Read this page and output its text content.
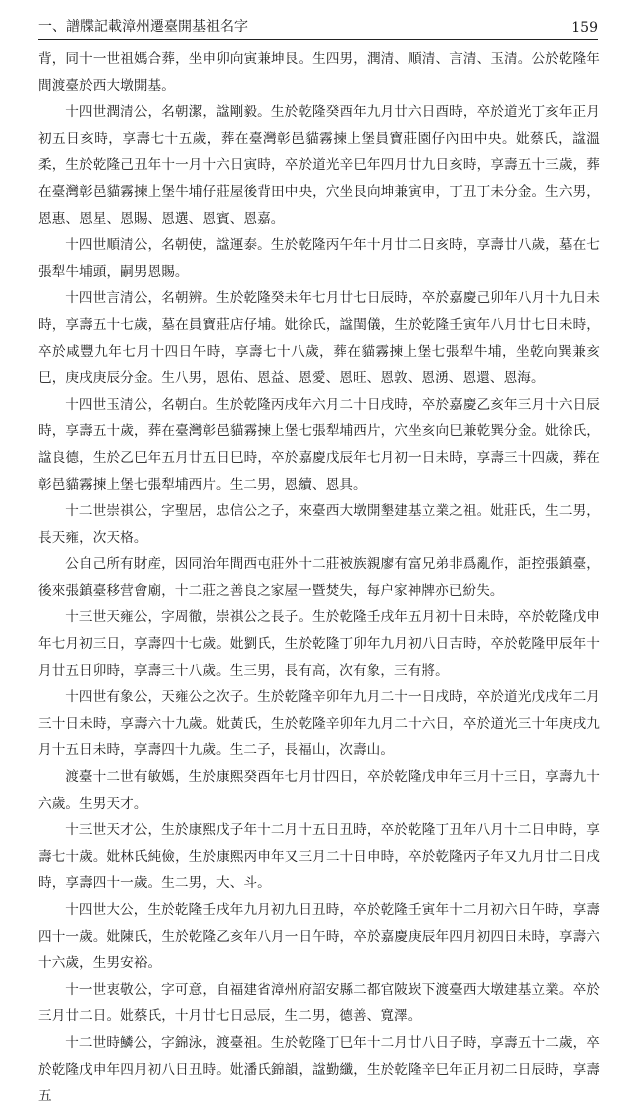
一、譜牒記載漳州遷臺開基祖名字	159

背，同十一世祖媽合葬，坐申卯向寅兼坤艮。生四男，潤清、順清、言清、玉清。公於乾隆年間渡臺於西大墩開基。

十四世潤清公，名朝潔，諡剛毅。生於乾隆癸酉年九月廿六日酉時，卒於道光丁亥年正月初五日亥時，享壽七十五歲，葬在臺灣彰邑貓霧揀上堡員寶莊園仔內田中央。妣蔡氏，諡溫柔，生於乾隆己丑年十一月十六日寅時，卒於道光辛巳年四月廿九日亥時，享壽五十三歲，葬在臺灣彰邑貓霧揀上堡牛埔仔莊屋後背田中央，穴坐艮向坤兼寅申，丁丑丁未分金。生六男，恩惠、恩星、恩賜、恩選、恩賓、恩嘉。

十四世順清公，名朝使，諡運泰。生於乾隆丙午年十月廿二日亥時，享壽廿八歲，墓在七張犁牛埔頭，嗣男恩賜。

十四世言清公，名朝辨。生於乾隆癸未年七月廿七日辰時，卒於嘉慶己卯年八月十九日未時，享壽五十七歲，墓在員寶莊店仔埔。妣徐氏，諡閨儀，生於乾隆壬寅年八月廿七日未時，卒於咸豐九年七月十四日午時，享壽七十八歲，葬在貓霧揀上堡七張犁牛埔，坐乾向巽兼亥巳，庚戌庚辰分金。生八男，恩佑、恩益、恩愛、恩旺、恩敦、恩湧、恩還、恩海。

十四世玉清公，名朝白。生於乾隆丙戌年六月二十日戌時，卒於嘉慶乙亥年三月十六日辰時，享壽五十歲，葬在臺灣彰邑貓霧揀上堡七張犁埔西片，穴坐亥向巳兼乾巽分金。妣徐氏，諡良德，生於乙巳年五月廿五日巳時，卒於嘉慶戊辰年七月初一日未時，享壽三十四歲，葬在彰邑貓霧揀上堡七張犁埔西片。生二男，恩續、恩具。

十二世崇祺公，字聖居，忠信公之子，來臺西大墩開墾建基立業之祖。妣莊氏，生二男，長天雍，次天格。

公自己所有財産，因同治年間西屯莊外十二莊被族親廖有富兄弟非爲亂作，詎控張鎮臺，後來張鎮臺移营會廟，十二莊之善良之家屋一暨焚失，每户家神牌亦已紛失。

十三世天雍公，字周徹，崇祺公之長子。生於乾隆壬戌年五月初十日未時，卒於乾隆戊申年七月初三日，享壽四十七歲。妣劉氏，生於乾隆丁卯年九月初八日吉時，卒於乾隆甲辰年十月廿五日卯時，享壽三十八歲。生三男，長有高，次有象，三有將。

十四世有象公，天雍公之次子。生於乾隆辛卯年九月二十一日戌時，卒於道光戊戌年二月三十日未時，享壽六十九歲。妣黃氏，生於乾隆辛卯年九月二十六日，卒於道光三十年庚戌九月十五日未時，享壽四十九歲。生二子，長福山，次壽山。

渡臺十二世有敏媽，生於康熙癸酉年七月廿四日，卒於乾隆戊申年三月十三日，享壽九十六歲。生男天才。

十三世天才公，生於康熙戊子年十二月十五日丑時，卒於乾隆丁丑年八月十二日申時，享壽七十歲。妣林氏純儉，生於康熙丙申年又三月二十日申時，卒於乾隆丙子年又九月廿二日戌時，享壽四十一歲。生二男，大、斗。

十四世大公，生於乾隆壬戌年九月初九日丑時，卒於乾隆壬寅年十二月初六日午時，享壽四十一歲。妣陳氏，生於乾隆乙亥年八月一日午時，卒於嘉慶庚辰年四月初四日未時，享壽六十六歲，生男安裕。

十一世衷敬公，字可意，自福建省漳州府詔安縣二都官陂崁下渡臺西大墩建基立業。卒於三月廿二日。妣蔡氏，十月廿七日忌辰，生二男，德善、寬澤。

十二世時鱗公，字錦泳，渡臺祖。生於乾隆丁巳年十二月廿八日子時，享壽五十二歲，卒於乾隆戊申年四月初八日丑時。妣潘氏錦韻，諡勤纖，生於乾隆辛巳年正月初二日辰時，享壽五
